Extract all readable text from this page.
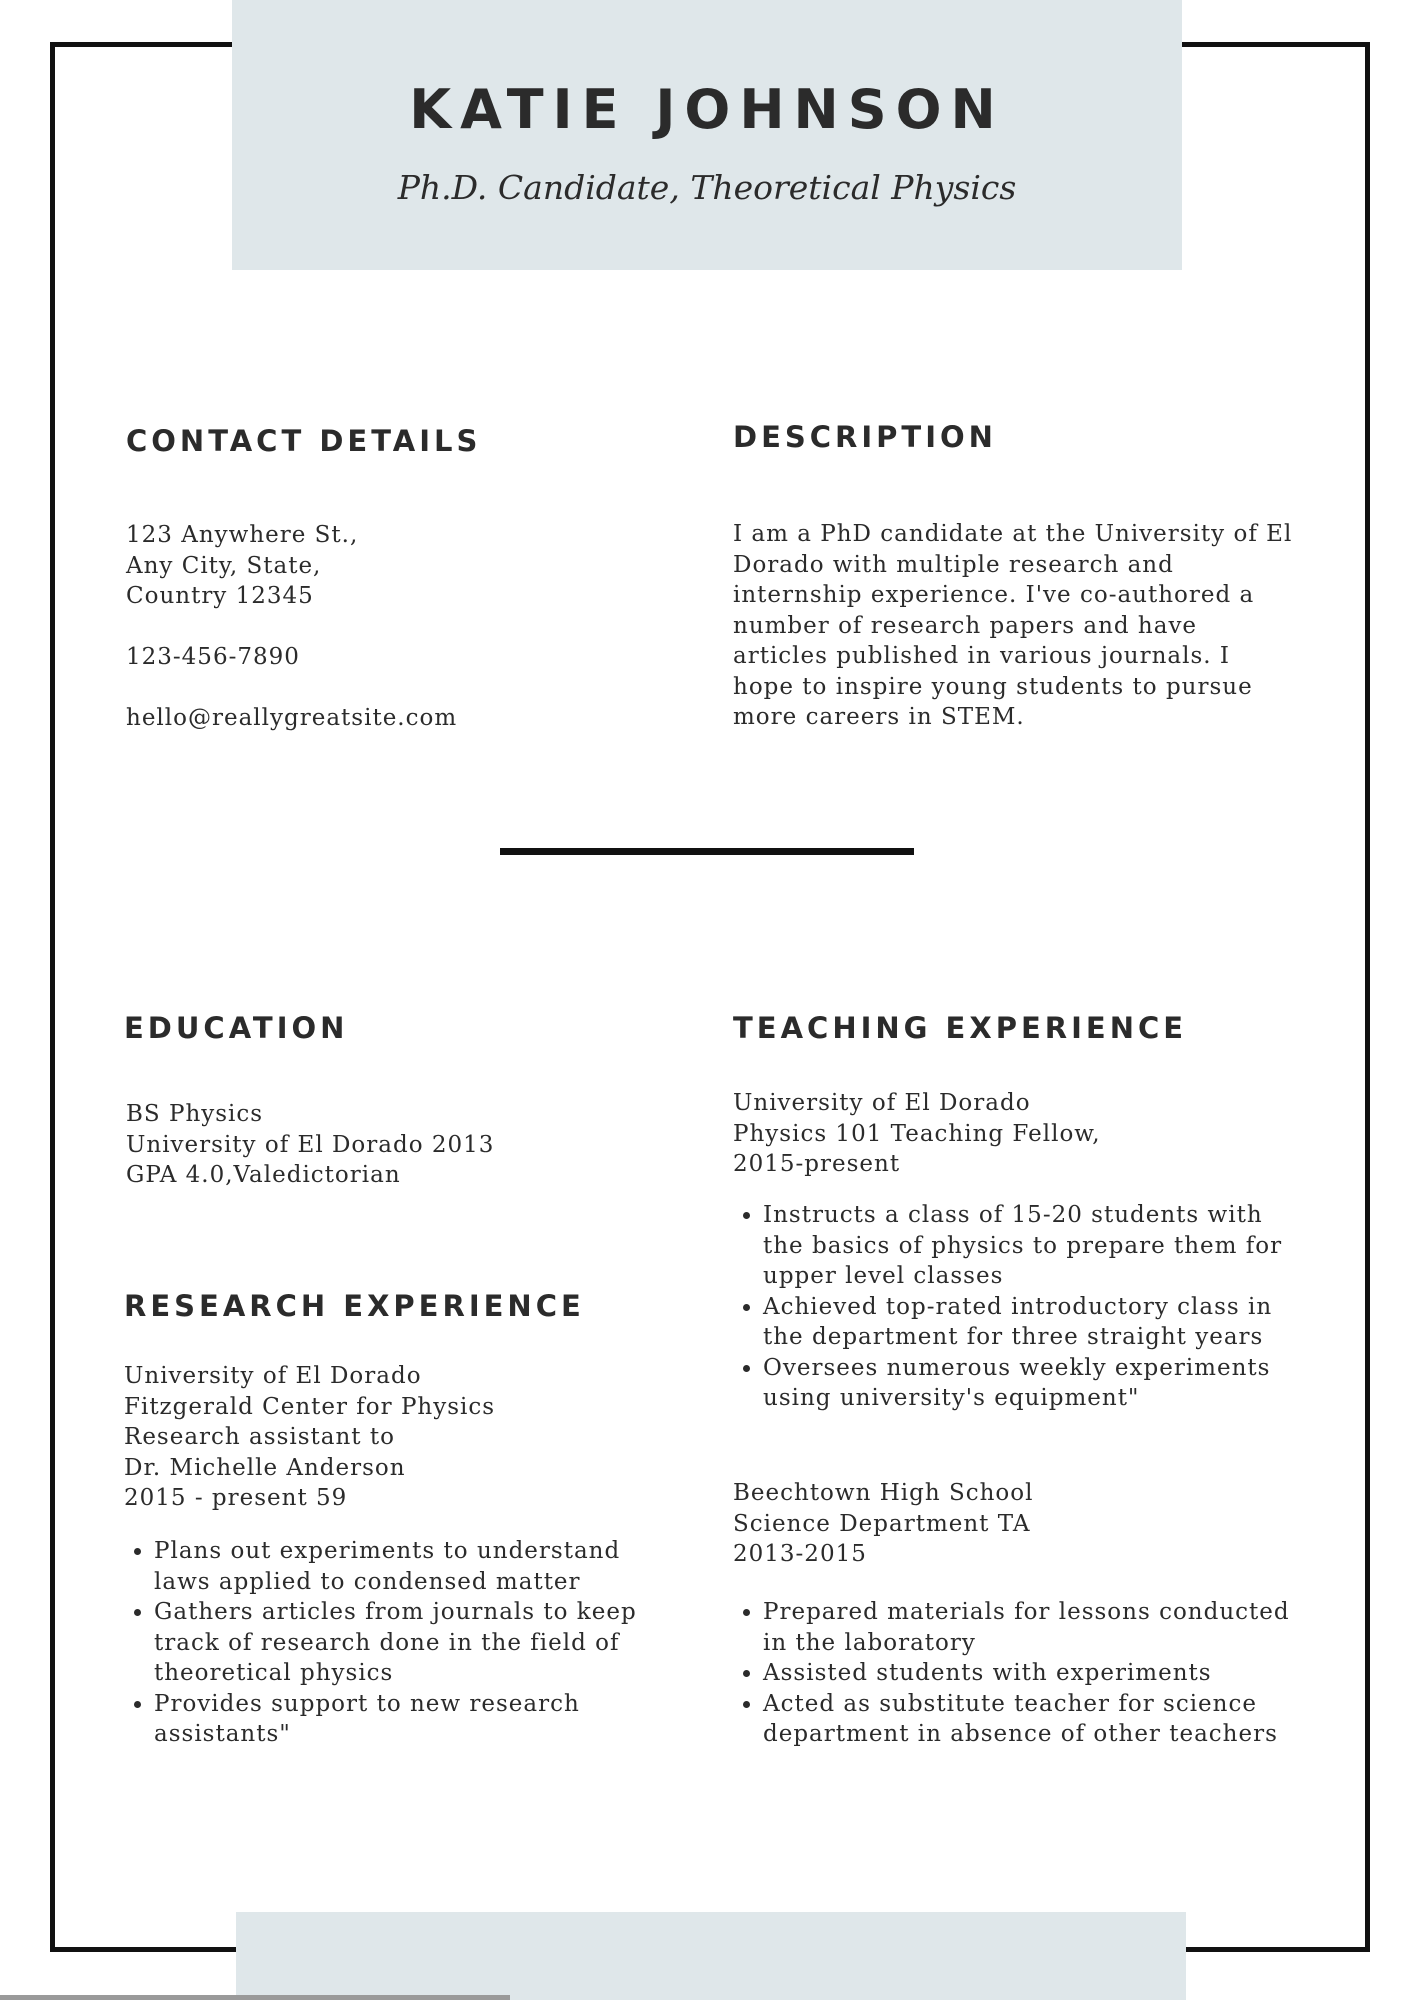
KATIE JOHNSON

Ph.D. Candidate, Theoretical Physics

CONTACT DETAILS
123 Anywhere St.,
Any City, State,
Country 12345
123-456-7890
hello@reallygreatsite.com
DESCRIPTION
I am a PhD candidate at the University of El
Dorado with multiple research and
internship experience. I've co-authored a
number of research papers and have
articles published in various journals. I
hope to inspire young students to pursue
more careers in STEM.
EDUCATION
BS Physics
University of El Dorado 2013
GPA 4.0,Valedictorian
RESEARCH EXPERIENCE
University of El Dorado
Fitzgerald Center for Physics
Research assistant to
Dr. Michelle Anderson
2015 - present 59
• Plans out experiments to understand
laws applied to condensed matter
• Gathers articles from journals to keep
track of research done in the field of
theoretical physics
• Provides support to new research
assistants"
TEACHING EXPERIENCE
University of El Dorado
Physics 101 Teaching Fellow,
2015-present
• Instructs a class of 15-20 students with
the basics of physics to prepare them for
upper level classes
• Achieved top-rated introductory class in
the department for three straight years
• Oversees numerous weekly experiments
using university's equipment"
Beechtown High School
Science Department TA
2013-2015
• Prepared materials for lessons conducted
in the laboratory
• Assisted students with experiments
• Acted as substitute teacher for science
department in absence of other teachers
